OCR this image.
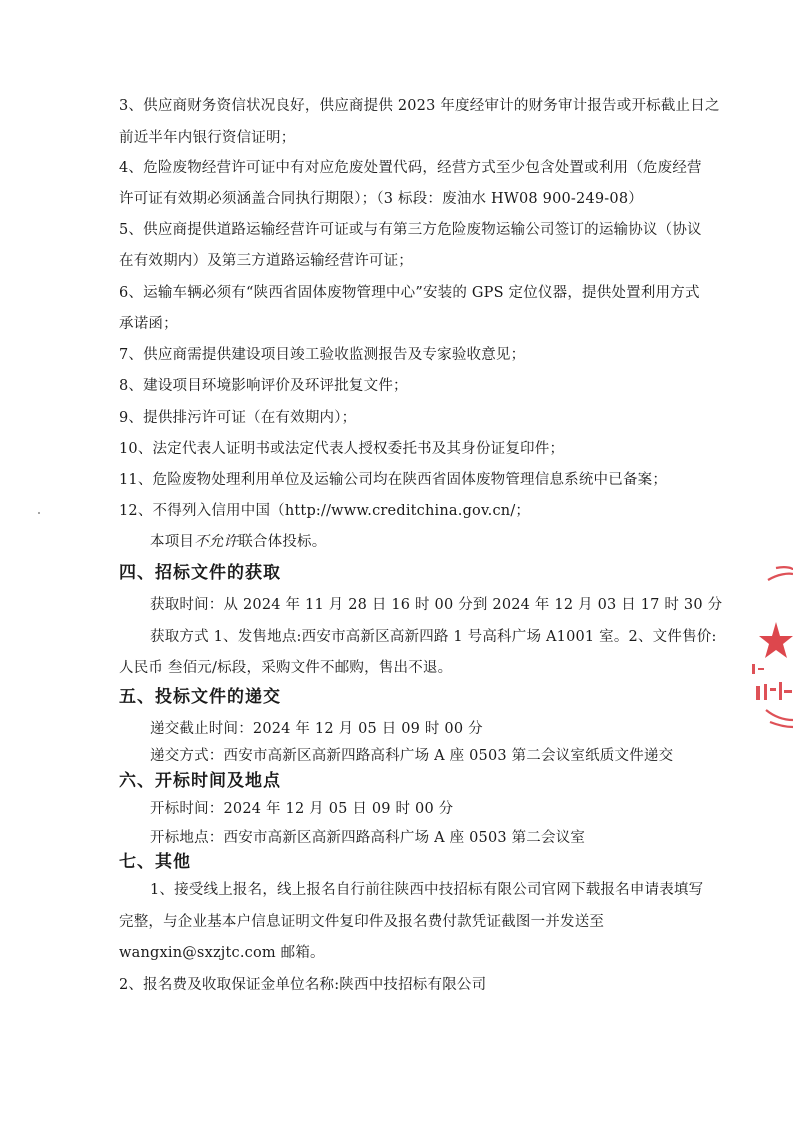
3、供应商财务资信状况良好，供应商提供 2023 年度经审计的财务审计报告或开标截止日之
前近半年内银行资信证明；
4、危险废物经营许可证中有对应危废处置代码，经营方式至少包含处置或利用（危废经营
许可证有效期必须涵盖合同执行期限）；（3 标段：废油水 HW08 900-249-08）
5、供应商提供道路运输经营许可证或与有第三方危险废物运输公司签订的运输协议（协议
在有效期内）及第三方道路运输经营许可证；
6、运输车辆必须有“陕西省固体废物管理中心”安装的 GPS 定位仪器，提供处置利用方式
承诺函；
7、供应商需提供建设项目竣工验收监测报告及专家验收意见；
8、建设项目环境影响评价及环评批复文件；
9、提供排污许可证（在有效期内）；
10、法定代表人证明书或法定代表人授权委托书及其身份证复印件；
11、危险废物处理利用单位及运输公司均在陕西省固体废物管理信息系统中已备案；
12、不得列入信用中国（http://www.creditchina.gov.cn/；
本项目不允许联合体投标。
四、招标文件的获取
获取时间：从 2024 年 11 月 28 日 16 时 00 分到 2024 年 12 月 03 日 17 时 30 分
获取方式 1、发售地点:西安市高新区高新四路 1 号高科广场 A1001 室。2、文件售价:
人民币 叁佰元/标段，采购文件不邮购，售出不退。
五、投标文件的递交
递交截止时间：2024 年 12 月 05 日 09 时 00 分
递交方式：西安市高新区高新四路高科广场 A 座 0503 第二会议室纸质文件递交
六、开标时间及地点
开标时间：2024 年 12 月 05 日 09 时 00 分
开标地点：西安市高新区高新四路高科广场 A 座 0503 第二会议室
七、其他
1、接受线上报名，线上报名自行前往陕西中技招标有限公司官网下载报名申请表填写
完整，与企业基本户信息证明文件复印件及报名费付款凭证截图一并发送至
wangxin@sxzjtc.com 邮箱。
2、报名费及收取保证金单位名称:陕西中技招标有限公司
